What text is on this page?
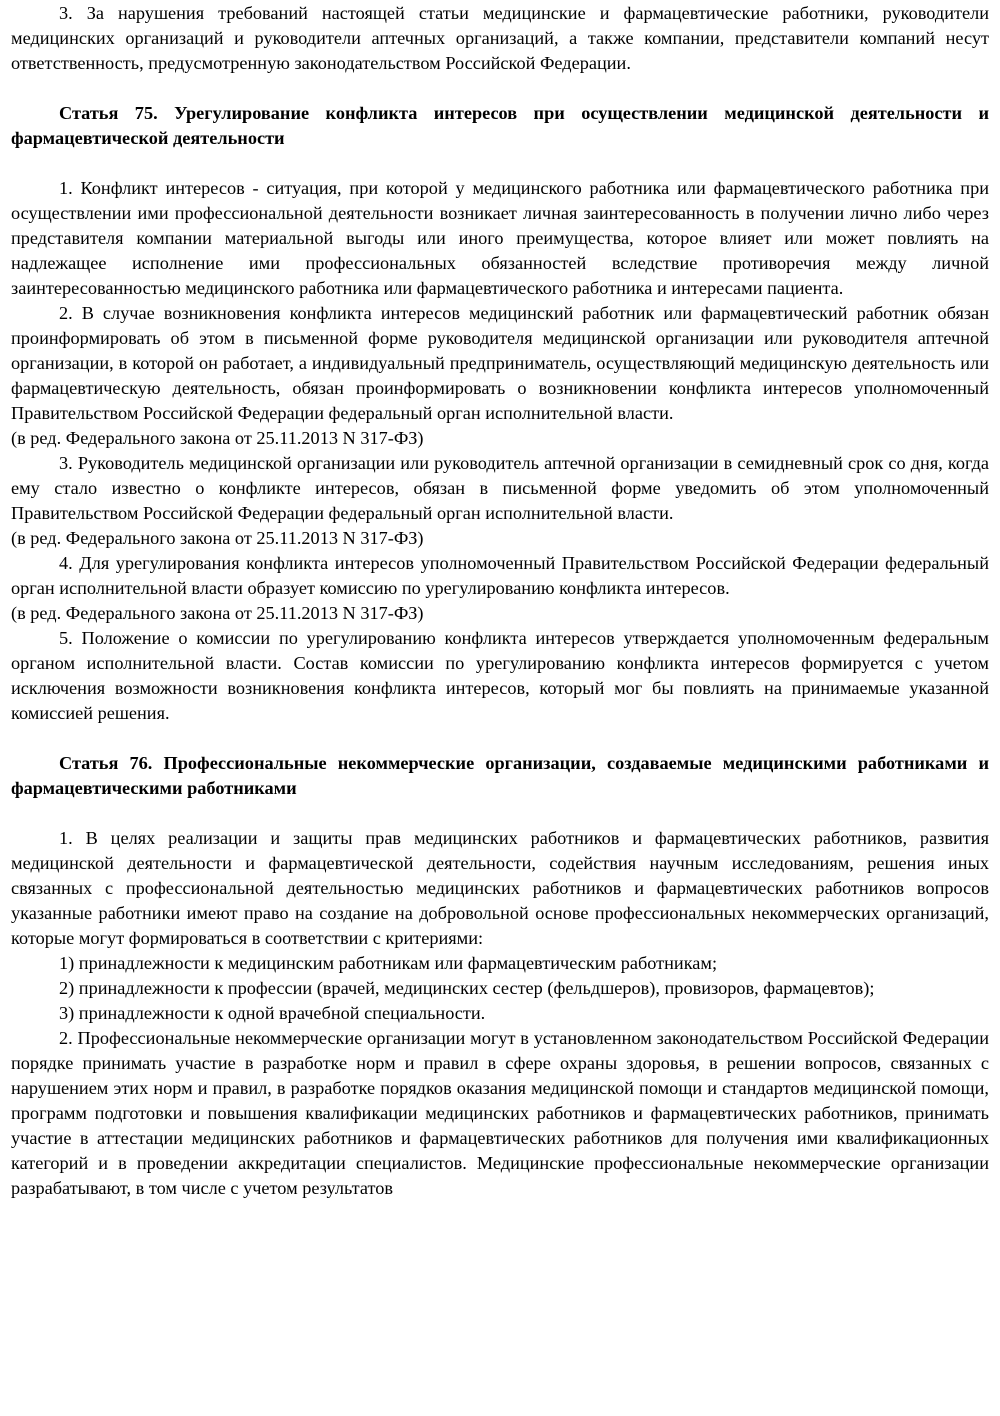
3. За нарушения требований настоящей статьи медицинские и фармацевтические работники, руководители медицинских организаций и руководители аптечных организаций, а также компании, представители компаний несут ответственность, предусмотренную законодательством Российской Федерации.

Статья 75. Урегулирование конфликта интересов при осуществлении медицинской деятельности и фармацевтической деятельности

1. Конфликт интересов - ситуация, при которой у медицинского работника или фармацевтического работника при осуществлении ими профессиональной деятельности возникает личная заинтересованность в получении лично либо через представителя компании материальной выгоды или иного преимущества, которое влияет или может повлиять на надлежащее исполнение ими профессиональных обязанностей вследствие противоречия между личной заинтересованностью медицинского работника или фармацевтического работника и интересами пациента.

2. В случае возникновения конфликта интересов медицинский работник или фармацевтический работник обязан проинформировать об этом в письменной форме руководителя медицинской организации или руководителя аптечной организации, в которой он работает, а индивидуальный предприниматель, осуществляющий медицинскую деятельность или фармацевтическую деятельность, обязан проинформировать о возникновении конфликта интересов уполномоченный Правительством Российской Федерации федеральный орган исполнительной власти.

(в ред. Федерального закона от 25.11.2013 N 317-ФЗ)

3. Руководитель медицинской организации или руководитель аптечной организации в семидневный срок со дня, когда ему стало известно о конфликте интересов, обязан в письменной форме уведомить об этом уполномоченный Правительством Российской Федерации федеральный орган исполнительной власти.

(в ред. Федерального закона от 25.11.2013 N 317-ФЗ)

4. Для урегулирования конфликта интересов уполномоченный Правительством Российской Федерации федеральный орган исполнительной власти образует комиссию по урегулированию конфликта интересов.

(в ред. Федерального закона от 25.11.2013 N 317-ФЗ)

5. Положение о комиссии по урегулированию конфликта интересов утверждается уполномоченным федеральным органом исполнительной власти. Состав комиссии по урегулированию конфликта интересов формируется с учетом исключения возможности возникновения конфликта интересов, который мог бы повлиять на принимаемые указанной комиссией решения.

Статья 76. Профессиональные некоммерческие организации, создаваемые медицинскими работниками и фармацевтическими работниками

1. В целях реализации и защиты прав медицинских работников и фармацевтических работников, развития медицинской деятельности и фармацевтической деятельности, содействия научным исследованиям, решения иных связанных с профессиональной деятельностью медицинских работников и фармацевтических работников вопросов указанные работники имеют право на создание на добровольной основе профессиональных некоммерческих организаций, которые могут формироваться в соответствии с критериями:

1) принадлежности к медицинским работникам или фармацевтическим работникам;

2) принадлежности к профессии (врачей, медицинских сестер (фельдшеров), провизоров, фармацевтов);

3) принадлежности к одной врачебной специальности.

2. Профессиональные некоммерческие организации могут в установленном законодательством Российской Федерации порядке принимать участие в разработке норм и правил в сфере охраны здоровья, в решении вопросов, связанных с нарушением этих норм и правил, в разработке порядков оказания медицинской помощи и стандартов медицинской помощи, программ подготовки и повышения квалификации медицинских работников и фармацевтических работников, принимать участие в аттестации медицинских работников и фармацевтических работников для получения ими квалификационных категорий и в проведении аккредитации специалистов. Медицинские профессиональные некоммерческие организации разрабатывают, в том числе с учетом результатов
